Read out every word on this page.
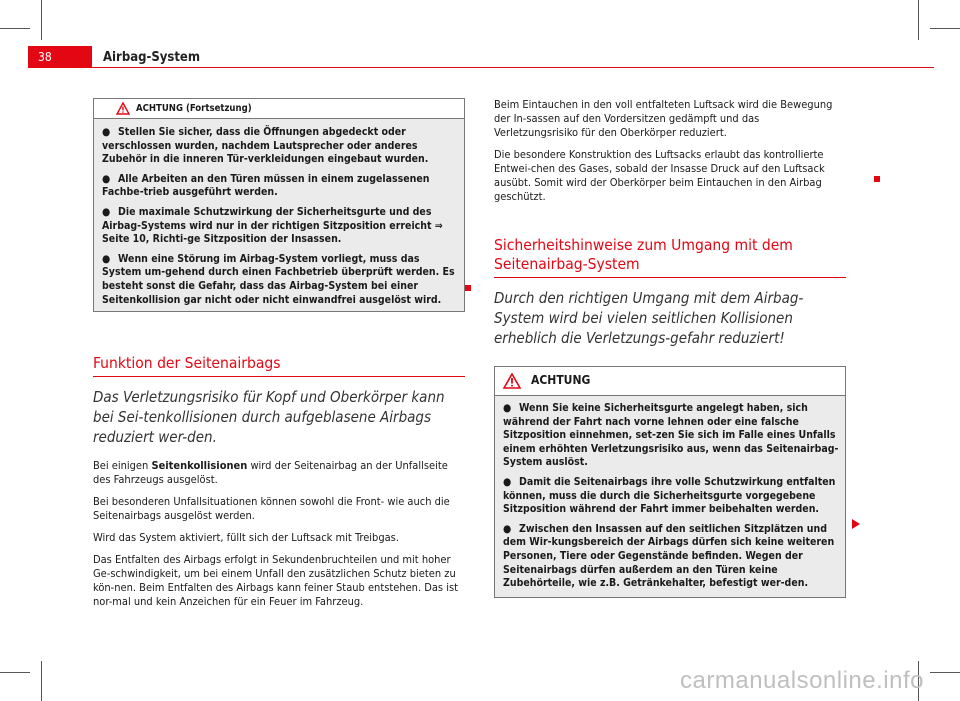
38	Airbag-System
ACHTUNG (Fortsetzung)
● Stellen Sie sicher, dass die Öffnungen abgedeckt oder verschlossen wurden, nachdem Lautsprecher oder anderes Zubehör in die inneren Tür-verkleidungen eingebaut wurden.
● Alle Arbeiten an den Türen müssen in einem zugelassenen Fachbe-trieb ausgeführt werden.
● Die maximale Schutzwirkung der Sicherheitsgurte und des Airbag-Systems wird nur in der richtigen Sitzposition erreicht ⇒ Seite 10, Richti-ge Sitzposition der Insassen.
● Wenn eine Störung im Airbag-System vorliegt, muss das System um-gehend durch einen Fachbetrieb überprüft werden. Es besteht sonst die Gefahr, dass das Airbag-System bei einer Seitenkollision gar nicht oder nicht einwandfrei ausgelöst wird.
Funktion der Seitenairbags
Das Verletzungsrisiko für Kopf und Oberkörper kann bei Sei-tenkollisionen durch aufgeblasene Airbags reduziert wer-den.

Bei einigen Seitenkollisionen wird der Seitenairbag an der Unfallseite des Fahrzeugs ausgelöst.

Bei besonderen Unfallsituationen können sowohl die Front- wie auch die Seitenairbags ausgelöst werden.

Wird das System aktiviert, füllt sich der Luftsack mit Treibgas.

Das Entfalten des Airbags erfolgt in Sekundenbruchteilen und mit hoher Ge-schwindigkeit, um bei einem Unfall den zusätzlichen Schutz bieten zu kön-nen. Beim Entfalten des Airbags kann feiner Staub entstehen. Das ist nor-mal und kein Anzeichen für ein Feuer im Fahrzeug.

Beim Eintauchen in den voll entfalteten Luftsack wird die Bewegung der In-sassen auf den Vordersitzen gedämpft und das Verletzungsrisiko für den Oberkörper reduziert.

Die besondere Konstruktion des Luftsacks erlaubt das kontrollierte Entwei-chen des Gases, sobald der Insasse Druck auf den Luftsack ausübt. Somit wird der Oberkörper beim Eintauchen in den Airbag geschützt.

Sicherheitshinweise zum Umgang mit dem Seitenairbag-System
Durch den richtigen Umgang mit dem Airbag-System wird bei vielen seitlichen Kollisionen erheblich die Verletzungs-gefahr reduziert!
ACHTUNG
● Wenn Sie keine Sicherheitsgurte angelegt haben, sich während der Fahrt nach vorne lehnen oder eine falsche Sitzposition einnehmen, set-zen Sie sich im Falle eines Unfalls einem erhöhten Verletzungsrisiko aus, wenn das Seitenairbag-System auslöst.
● Damit die Seitenairbags ihre volle Schutzwirkung entfalten können, muss die durch die Sicherheitsgurte vorgegebene Sitzposition während der Fahrt immer beibehalten werden.
● Zwischen den Insassen auf den seitlichen Sitzplätzen und dem Wir-kungsbereich der Airbags dürfen sich keine weiteren Personen, Tiere oder Gegenstände befinden. Wegen der Seitenairbags dürfen außerdem an den Türen keine Zubehörteile, wie z.B. Getränkehalter, befestigt wer-den.
carmanualsonline.info
